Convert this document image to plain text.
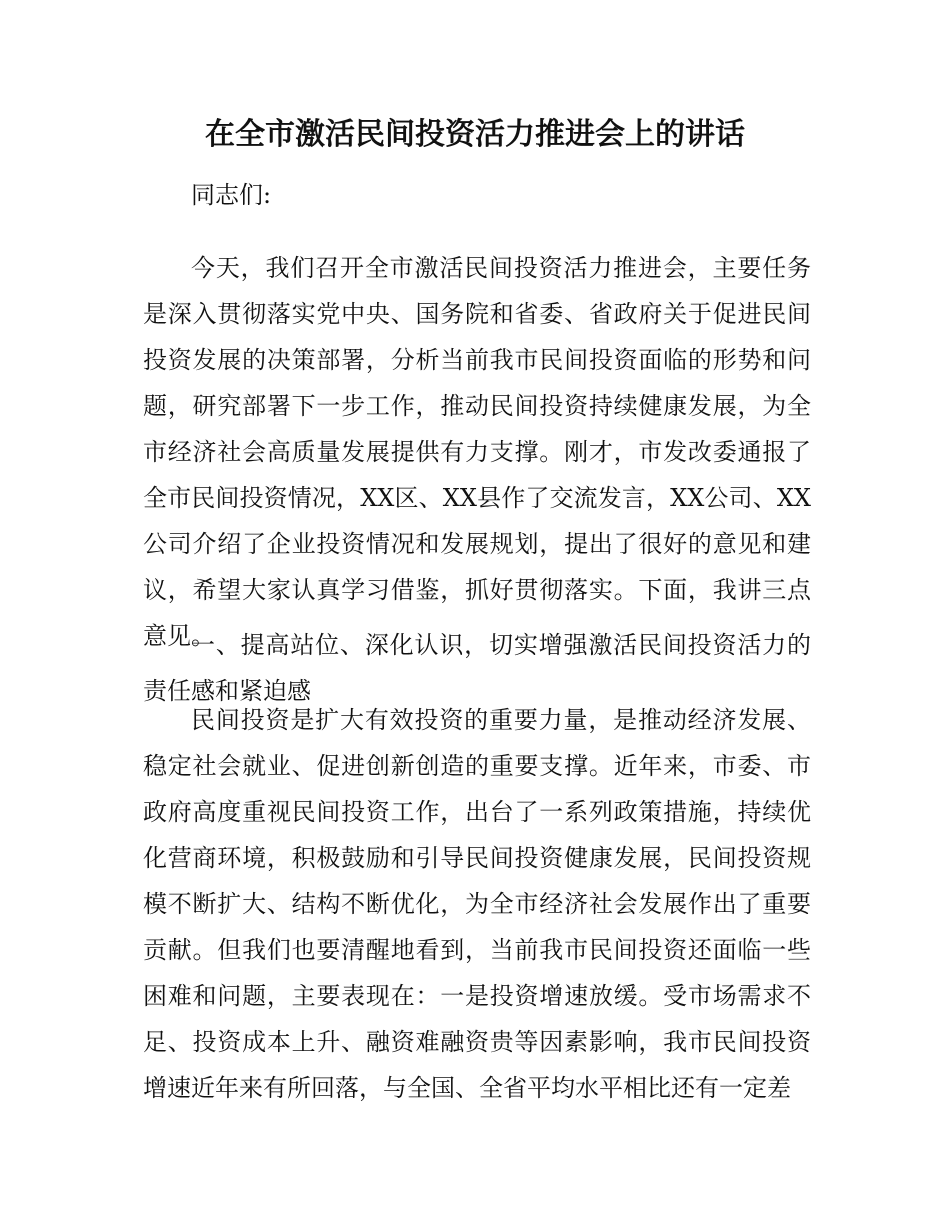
在全市激活民间投资活力推进会上的讲话

同志们:

今天，我们召开全市激活民间投资活力推进会，主要任务是深入贯彻落实党中央、国务院和省委、省政府关于促进民间投资发展的决策部署，分析当前我市民间投资面临的形势和问题，研究部署下一步工作，推动民间投资持续健康发展，为全市经济社会高质量发展提供有力支撑。刚才，市发改委通报了全市民间投资情况，XX区、XX县作了交流发言，XX公司、XX公司介绍了企业投资情况和发展规划，提出了很好的意见和建议，希望大家认真学习借鉴，抓好贯彻落实。下面，我讲三点意见。

一、提高站位、深化认识，切实增强激活民间投资活力的责任感和紧迫感

民间投资是扩大有效投资的重要力量，是推动经济发展、稳定社会就业、促进创新创造的重要支撑。近年来，市委、市政府高度重视民间投资工作，出台了一系列政策措施，持续优化营商环境，积极鼓励和引导民间投资健康发展，民间投资规模不断扩大、结构不断优化，为全市经济社会发展作出了重要贡献。但我们也要清醒地看到，当前我市民间投资还面临一些困难和问题，主要表现在：一是投资增速放缓。受市场需求不足、投资成本上升、融资难融资贵等因素影响，我市民间投资增速近年来有所回落，与全国、全省平均水平相比还有一定差
